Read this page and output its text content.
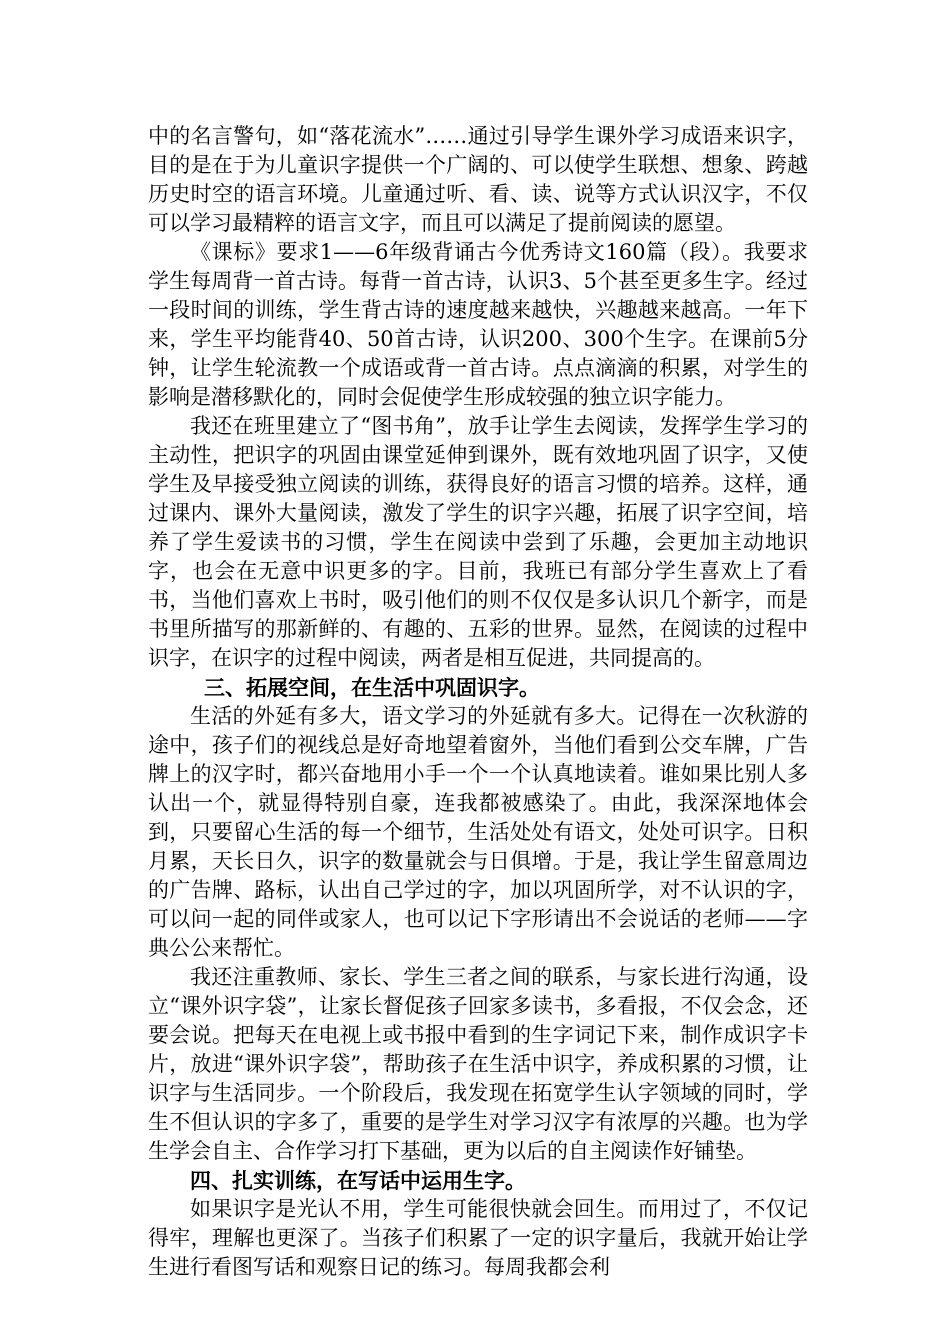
中的名言警句，如“落花流水”……通过引导学生课外学习成语来识字，目的是在于为儿童识字提供一个广阔的、可以使学生联想、想象、跨越历史时空的语言环境。儿童通过听、看、读、说等方式认识汉字，不仅可以学习最精粹的语言文字，而且可以满足了提前阅读的愿望。

《课标》要求1——6年级背诵古今优秀诗文160篇（段）。我要求学生每周背一首古诗。每背一首古诗，认识3、5个甚至更多生字。经过一段时间的训练，学生背古诗的速度越来越快，兴趣越来越高。一年下来，学生平均能背40、50首古诗，认识200、300个生字。在课前5分钟，让学生轮流教一个成语或背一首古诗。点点滴滴的积累，对学生的影响是潜移默化的，同时会促使学生形成较强的独立识字能力。

我还在班里建立了“图书角”，放手让学生去阅读，发挥学生学习的主动性，把识字的巩固由课堂延伸到课外，既有效地巩固了识字，又使学生及早接受独立阅读的训练，获得良好的语言习惯的培养。这样，通过课内、课外大量阅读，激发了学生的识字兴趣，拓展了识字空间，培养了学生爱读书的习惯，学生在阅读中尝到了乐趣，会更加主动地识字，也会在无意中识更多的字。目前，我班已有部分学生喜欢上了看书，当他们喜欢上书时，吸引他们的则不仅仅是多认识几个新字，而是书里所描写的那新鲜的、有趣的、五彩的世界。显然，在阅读的过程中识字，在识字的过程中阅读，两者是相互促进，共同提高的。

三、拓展空间，在生活中巩固识字。

生活的外延有多大，语文学习的外延就有多大。记得在一次秋游的途中，孩子们的视线总是好奇地望着窗外，当他们看到公交车牌，广告牌上的汉字时，都兴奋地用小手一个一个认真地读着。谁如果比别人多认出一个，就显得特别自豪，连我都被感染了。由此，我深深地体会到，只要留心生活的每一个细节，生活处处有语文，处处可识字。日积月累，天长日久，识字的数量就会与日俱增。于是，我让学生留意周边的广告牌、路标，认出自己学过的字，加以巩固所学，对不认识的字，可以问一起的同伴或家人，也可以记下字形请出不会说话的老师——字典公公来帮忙。

我还注重教师、家长、学生三者之间的联系，与家长进行沟通，设立“课外识字袋”，让家长督促孩子回家多读书，多看报，不仅会念，还要会说。把每天在电视上或书报中看到的生字词记下来，制作成识字卡片，放进“课外识字袋”，帮助孩子在生活中识字，养成积累的习惯，让识字与生活同步。一个阶段后，我发现在拓宽学生认字领域的同时，学生不但认识的字多了，重要的是学生对学习汉字有浓厚的兴趣。也为学生学会自主、合作学习打下基础，更为以后的自主阅读作好铺垫。

四、扎实训练，在写话中运用生字。

如果识字是光认不用，学生可能很快就会回生。而用过了，不仅记得牢，理解也更深了。当孩子们积累了一定的识字量后，我就开始让学生进行看图写话和观察日记的练习。每周我都会利
